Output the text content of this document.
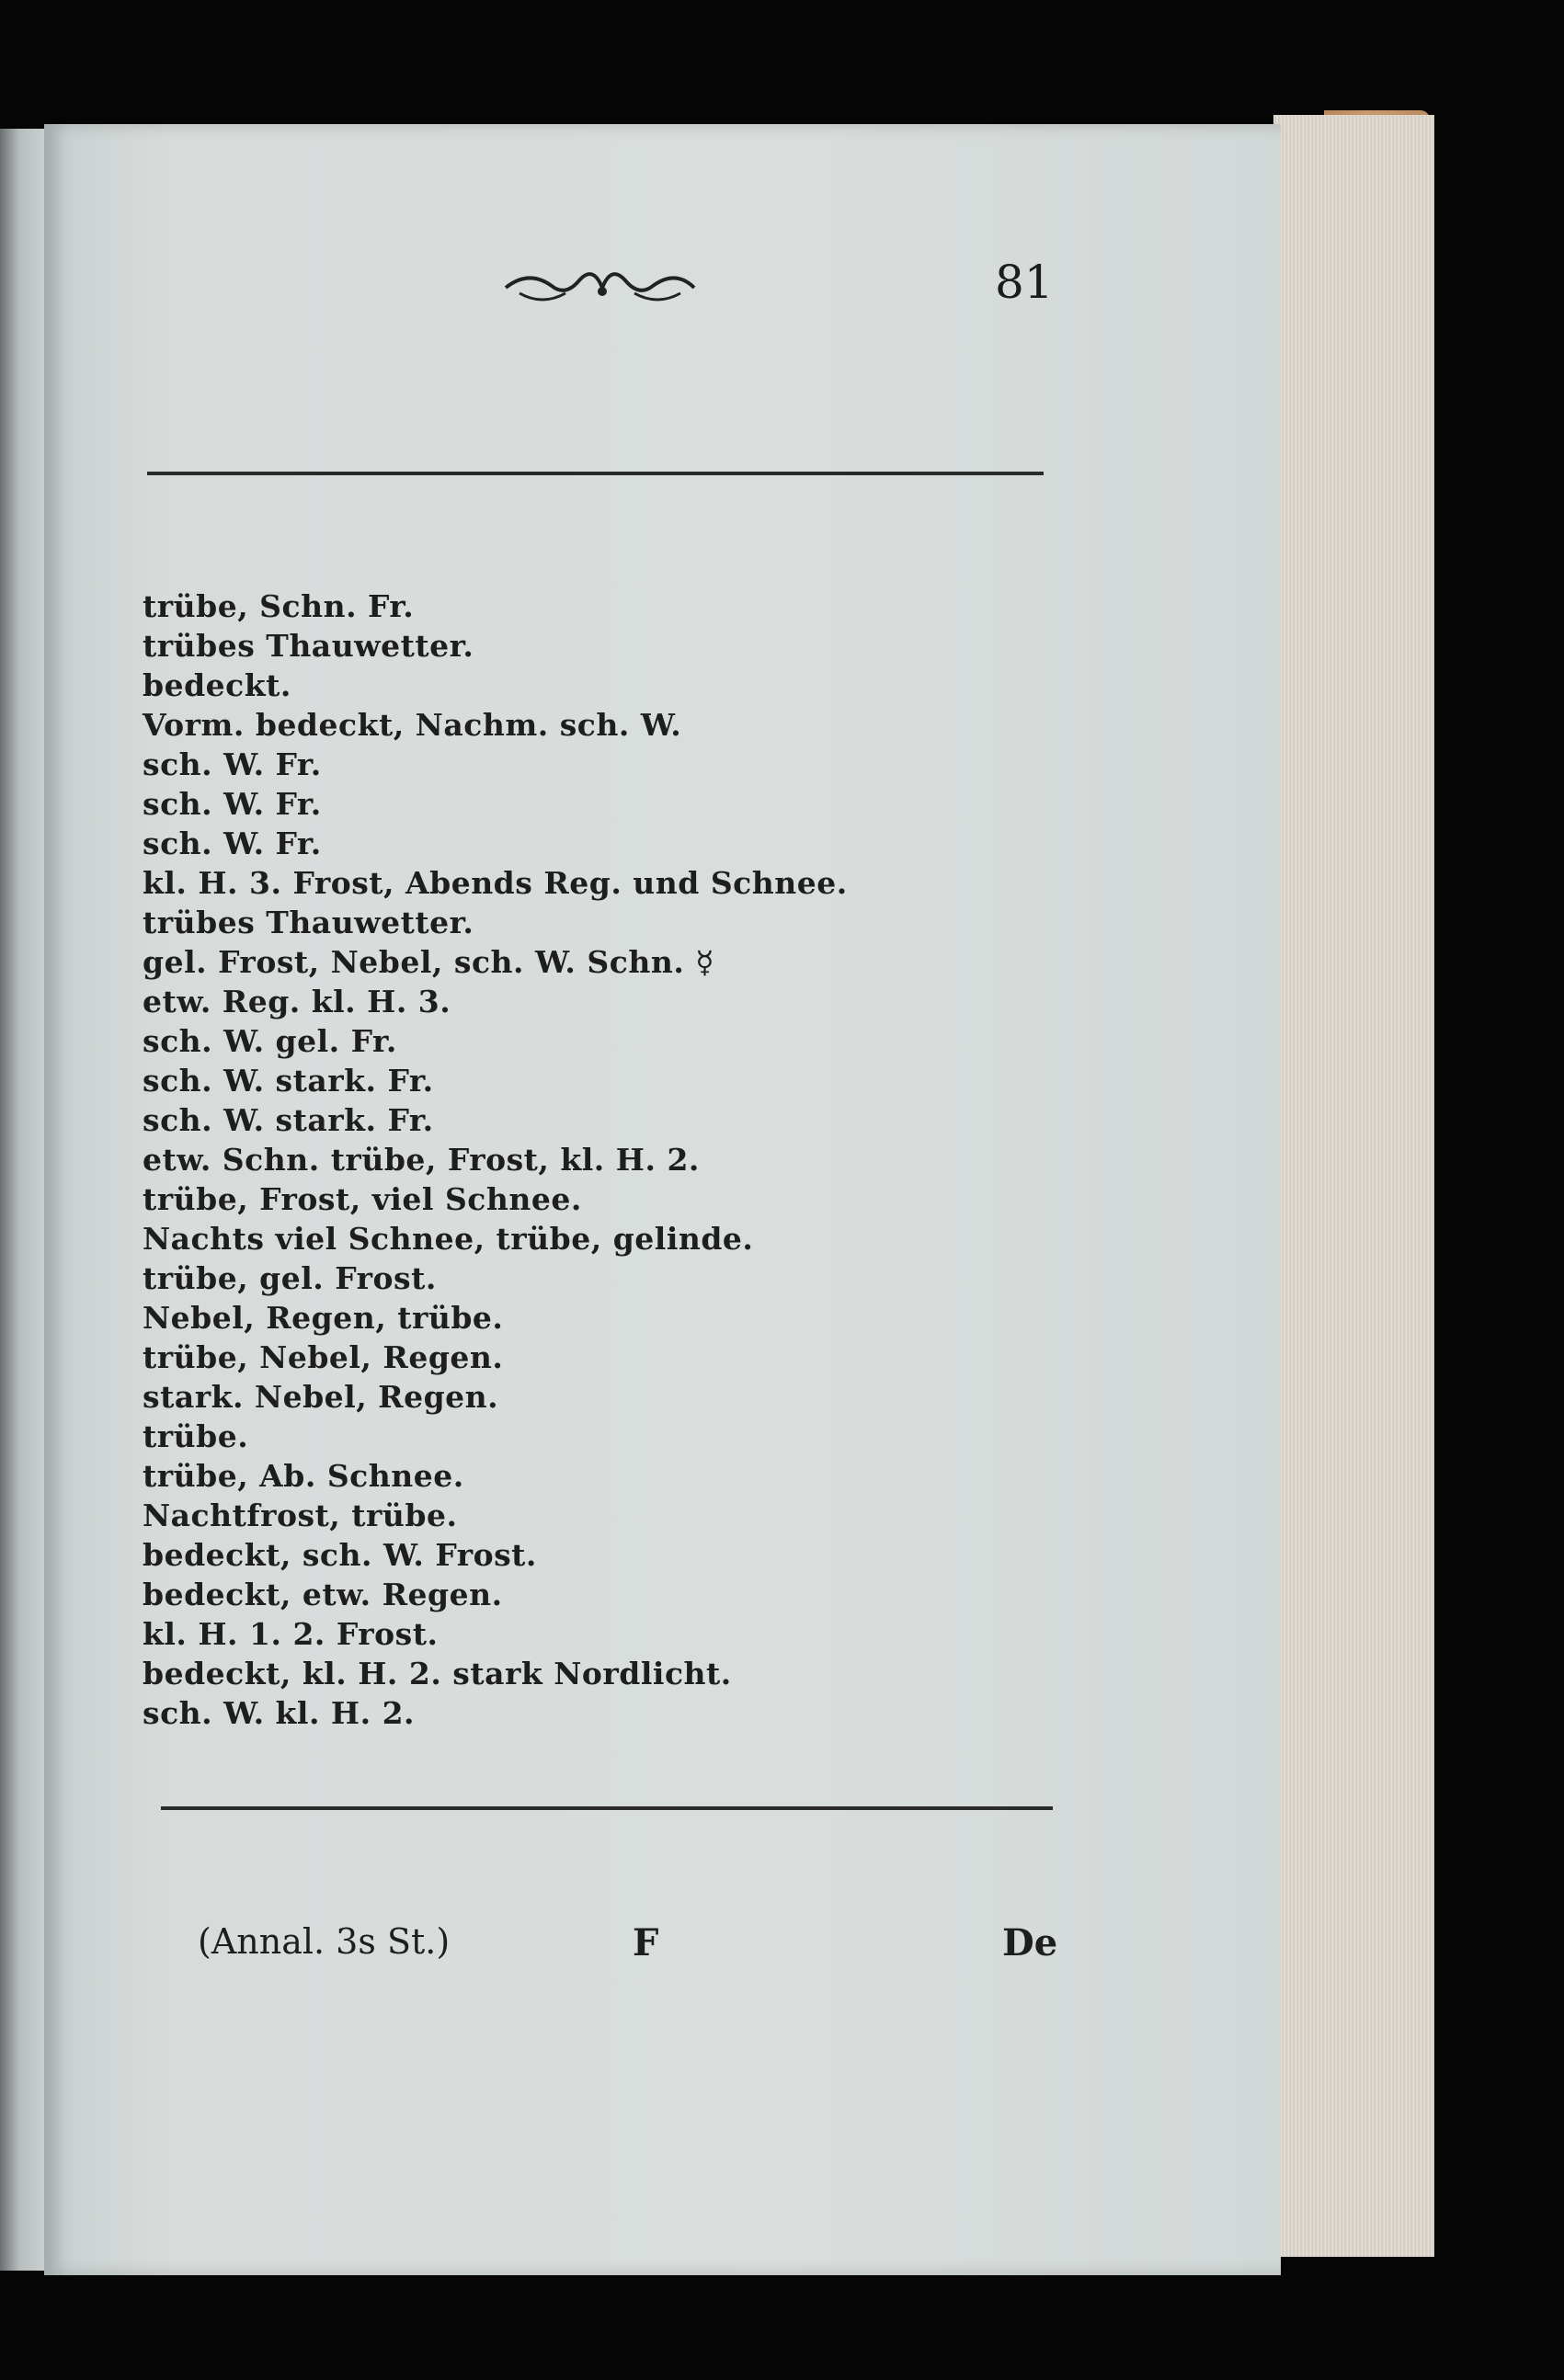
81
trübe, Schn. Fr.
trübes Thauwetter.
bedeckt.
Vorm. bedeckt, Nachm. sch. W.
sch. W. Fr.
sch. W. Fr.
sch. W. Fr.
kl. H. 3. Frost, Abends Reg. und Schnee.
trübes Thauwetter.
gel. Frost, Nebel, sch. W. Schn. ☿
etw. Reg. kl. H. 3.
sch. W. gel. Fr.
sch. W. stark. Fr.
sch. W. stark. Fr.
etw. Schn. trübe, Frost, kl. H. 2.
trübe, Frost, viel Schnee.
Nachts viel Schnee, trübe, gelinde.
trübe, gel. Frost.
Nebel, Regen, trübe.
trübe, Nebel, Regen.
stark. Nebel, Regen.
trübe.
trübe, Ab. Schnee.
Nachtfrost, trübe.
bedeckt, sch. W. Frost.
bedeckt, etw. Regen.
kl. H. 1. 2. Frost.
bedeckt, kl. H. 2. stark Nordlicht.
sch. W. kl. H. 2.
(Annal. 3s St.)	F	De
